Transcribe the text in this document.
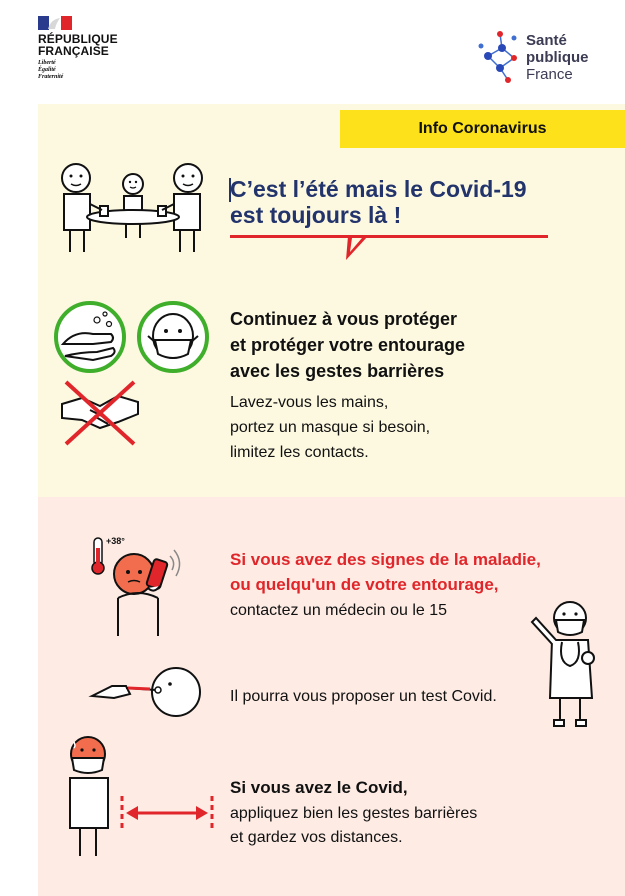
RÉPUBLIQUE
FRANÇAISE
Liberté
Égalité
Fraternité
Santé
publique
France
Info Coronavirus
C’est l’été mais le Covid-19
est toujours là !
Continuez à vous protéger
et protéger votre entourage
avec les gestes barrières
Lavez-vous les mains,
portez un masque si besoin,
limitez les contacts.
+38°
Si vous avez des signes de la maladie,
ou quelqu'un de votre entourage,
contactez un médecin ou le 15
Il pourra vous proposer un test Covid.
Si vous avez le Covid,
appliquez bien les gestes barrières
et gardez vos distances.
